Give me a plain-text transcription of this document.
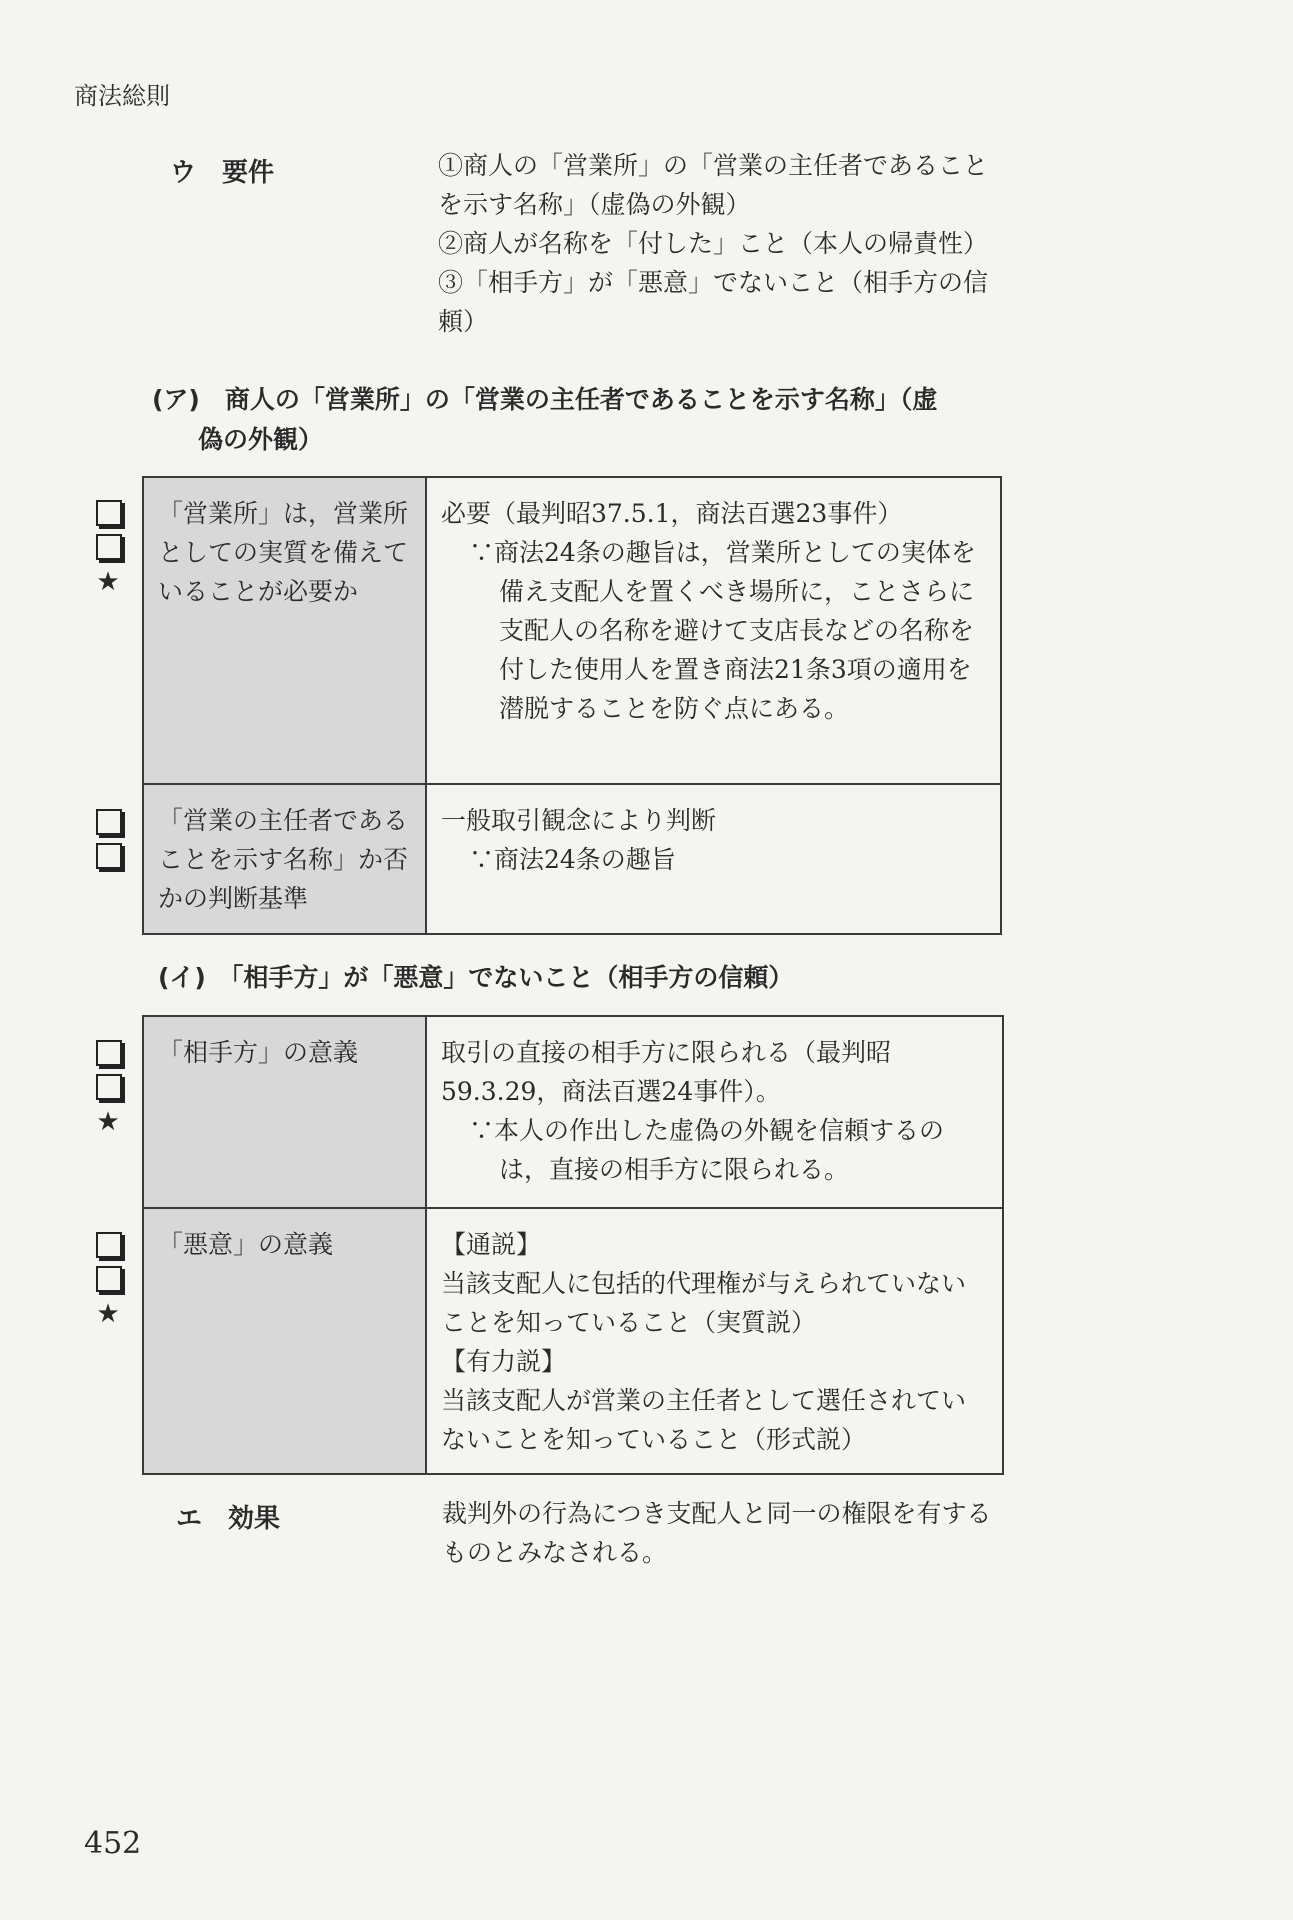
商法総則
ウ　要件	①商人の「営業所」の「営業の主任者であることを示す名称」（虚偽の外観）
②商人が名称を「付した」こと（本人の帰責性）
③「相手方」が「悪意」でないこと（相手方の信頼）
(ア)　商人の「営業所」の「営業の主任者であることを示す名称」（虚
偽の外観）
★
「営業所」は，営業所としての実質を備えていることが必要か	必要（最判昭37.5.1，商法百選23事件）
∵商法24条の趣旨は，営業所としての実体を備え支配人を置くべき場所に，ことさらに支配人の名称を避けて支店長などの名称を付した使用人を置き商法21条3項の適用を潜脱することを防ぐ点にある。

「営業の主任者であることを示す名称」か否かの判断基準	一般取引観念により判断
∵商法24条の趣旨
(イ)　「相手方」が「悪意」でないこと（相手方の信頼）
★
★
「相手方」の意義	取引の直接の相手方に限られる（最判昭59.3.29，商法百選24事件）。
∵本人の作出した虚偽の外観を信頼するのは，直接の相手方に限られる。

「悪意」の意義	【通説】
当該支配人に包括的代理権が与えられていないことを知っていること（実質説）
【有力説】
当該支配人が営業の主任者として選任されていないことを知っていること（形式説）
エ　効果	裁判外の行為につき支配人と同一の権限を有するものとみなされる。
452
